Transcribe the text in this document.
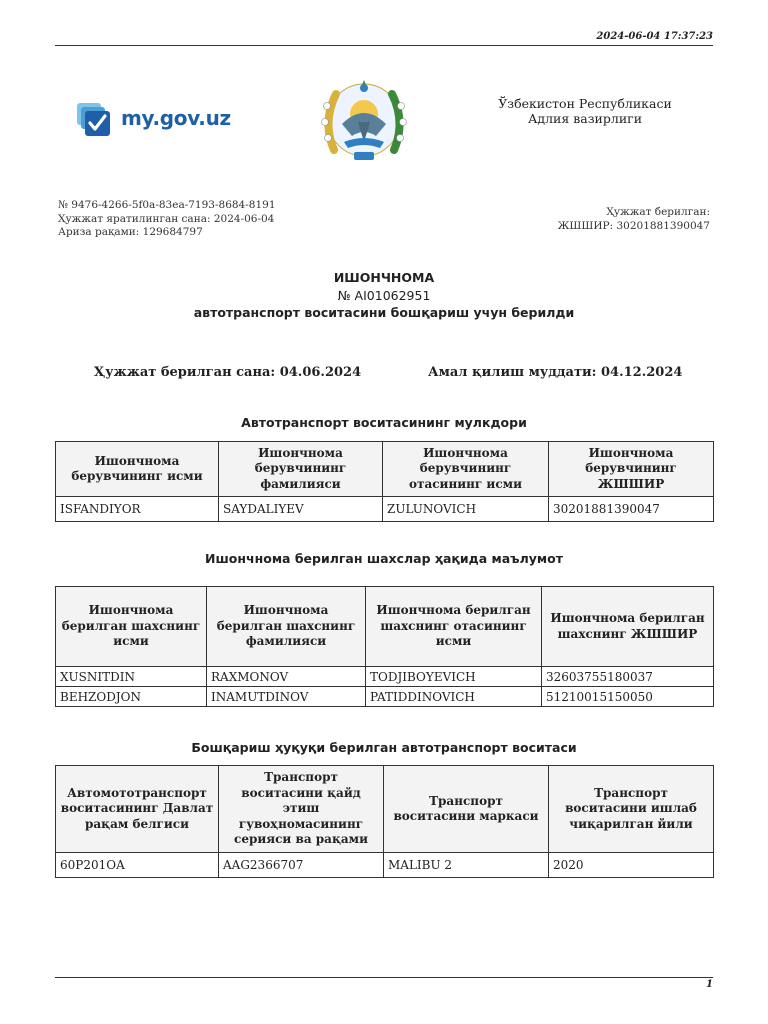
2024-06-04 17:37:23
my.gov.uz
Ўзбекистон Республикаси
Адлия вазирлиги
№ 9476-4266-5f0a-83ea-7193-8684-8191
Ҳужжат яратилинган сана: 2024-06-04
Ариза рақами: 129684797
Ҳужжат берилган:
ЖШШИР: 30201881390047
ИШОНЧНОМА
№ AI01062951
автотранспорт воситасини бошқариш учун берилди
Ҳужжат берилган сана: 04.06.2024	Амал қилиш муддати: 04.12.2024
Автотранспорт воситасининг мулкдори
Ишончнома берувчининг исми	Ишончнома берувчининг фамилияси	Ишончнома берувчининг отасининг исми	Ишончнома берувчининг ЖШШИР
ISFANDIYOR	SAYDALIYEV	ZULUNOVICH	30201881390047
Ишончнома берилган шахслар ҳақида маълумот
Ишончнома берилган шахснинг исми	Ишончнома берилган шахснинг фамилияси	Ишончнома берилган шахснинг отасининг исми	Ишончнома берилган шахснинг ЖШШИР
XUSNITDIN	RAXMONOV	TODJIBOYEVICH	32603755180037
BEHZODJON	INAMUTDINOV	PATIDDINOVICH	51210015150050
Бошқариш ҳуқуқи берилган автотранспорт воситаси
Автомототранспорт воситасининг Давлат рақам белгиси	Транспорт воситасини қайд этиш гувоҳномасининг серияси ва рақами	Транспорт воситасини маркаси	Транспорт воситасини ишлаб чиқарилган йили
60P201OA	AAG2366707	MALIBU 2	2020
1
